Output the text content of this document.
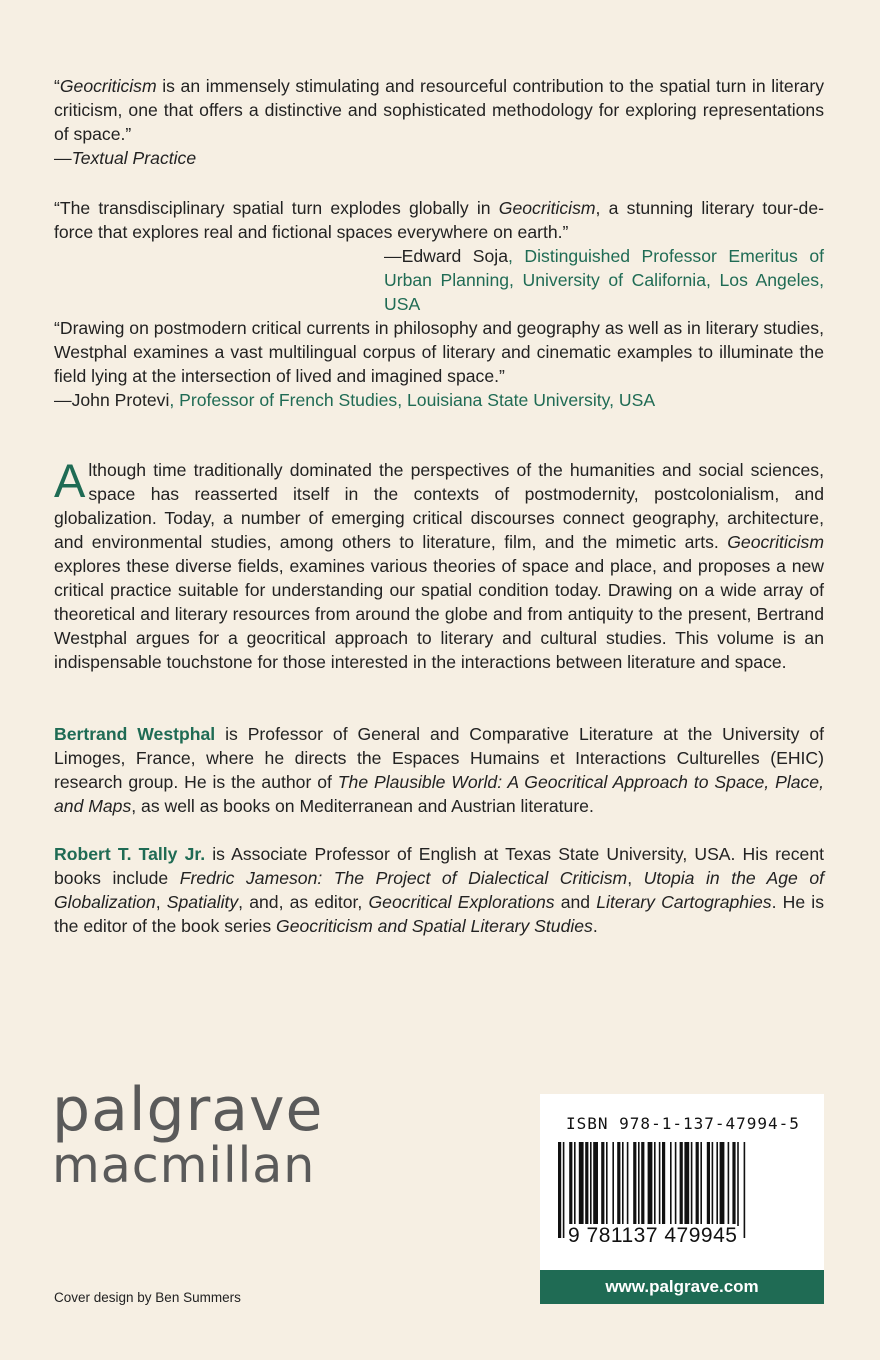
“Geocriticism is an immensely stimulating and resourceful contribution to the spatial turn in literary criticism, one that offers a distinctive and sophisticated methodology for exploring representations of space.”

—Textual Practice

“The transdisciplinary spatial turn explodes globally in Geocriticism, a stunning literary tour-de-force that explores real and fictional spaces everywhere on earth.”

—Edward Soja, Distinguished Professor Emeritus of Urban Planning, University of California, Los Angeles, USA

“Drawing on postmodern critical currents in philosophy and geography as well as in literary studies, Westphal examines a vast multilingual corpus of literary and cinematic examples to illuminate the field lying at the intersection of lived and imagined space.”

—John Protevi, Professor of French Studies, Louisiana State University, USA

Although time traditionally dominated the perspectives of the humanities and social sciences, space has reasserted itself in the contexts of postmodernity, postcolonialism, and globalization. Today, a number of emerging critical discourses connect geography, architecture, and environmental studies, among others to literature, film, and the mimetic arts. Geocriticism explores these diverse fields, examines various theories of space and place, and proposes a new critical practice suitable for understanding our spatial condition today. Drawing on a wide array of theoretical and literary resources from around the globe and from antiquity to the present, Bertrand Westphal argues for a geocritical approach to literary and cultural studies. This volume is an indispensable touchstone for those interested in the interactions between literature and space.

Bertrand Westphal is Professor of General and Comparative Literature at the University of Limoges, France, where he directs the Espaces Humains et Interactions Culturelles (EHIC) research group. He is the author of The Plausible World: A Geocritical Approach to Space, Place, and Maps, as well as books on Mediterranean and Austrian literature.

Robert T. Tally Jr. is Associate Professor of English at Texas State University, USA. His recent books include Fredric Jameson: The Project of Dialectical Criticism, Utopia in the Age of Globalization, Spatiality, and, as editor, Geocritical Explorations and Literary Cartographies. He is the editor of the book series Geocriticism and Spatial Literary Studies.

palgrave
macmillan
Cover design by Ben Summers
ISBN 978-1-137-47994-5
9 781137 479945
www.palgrave.com
